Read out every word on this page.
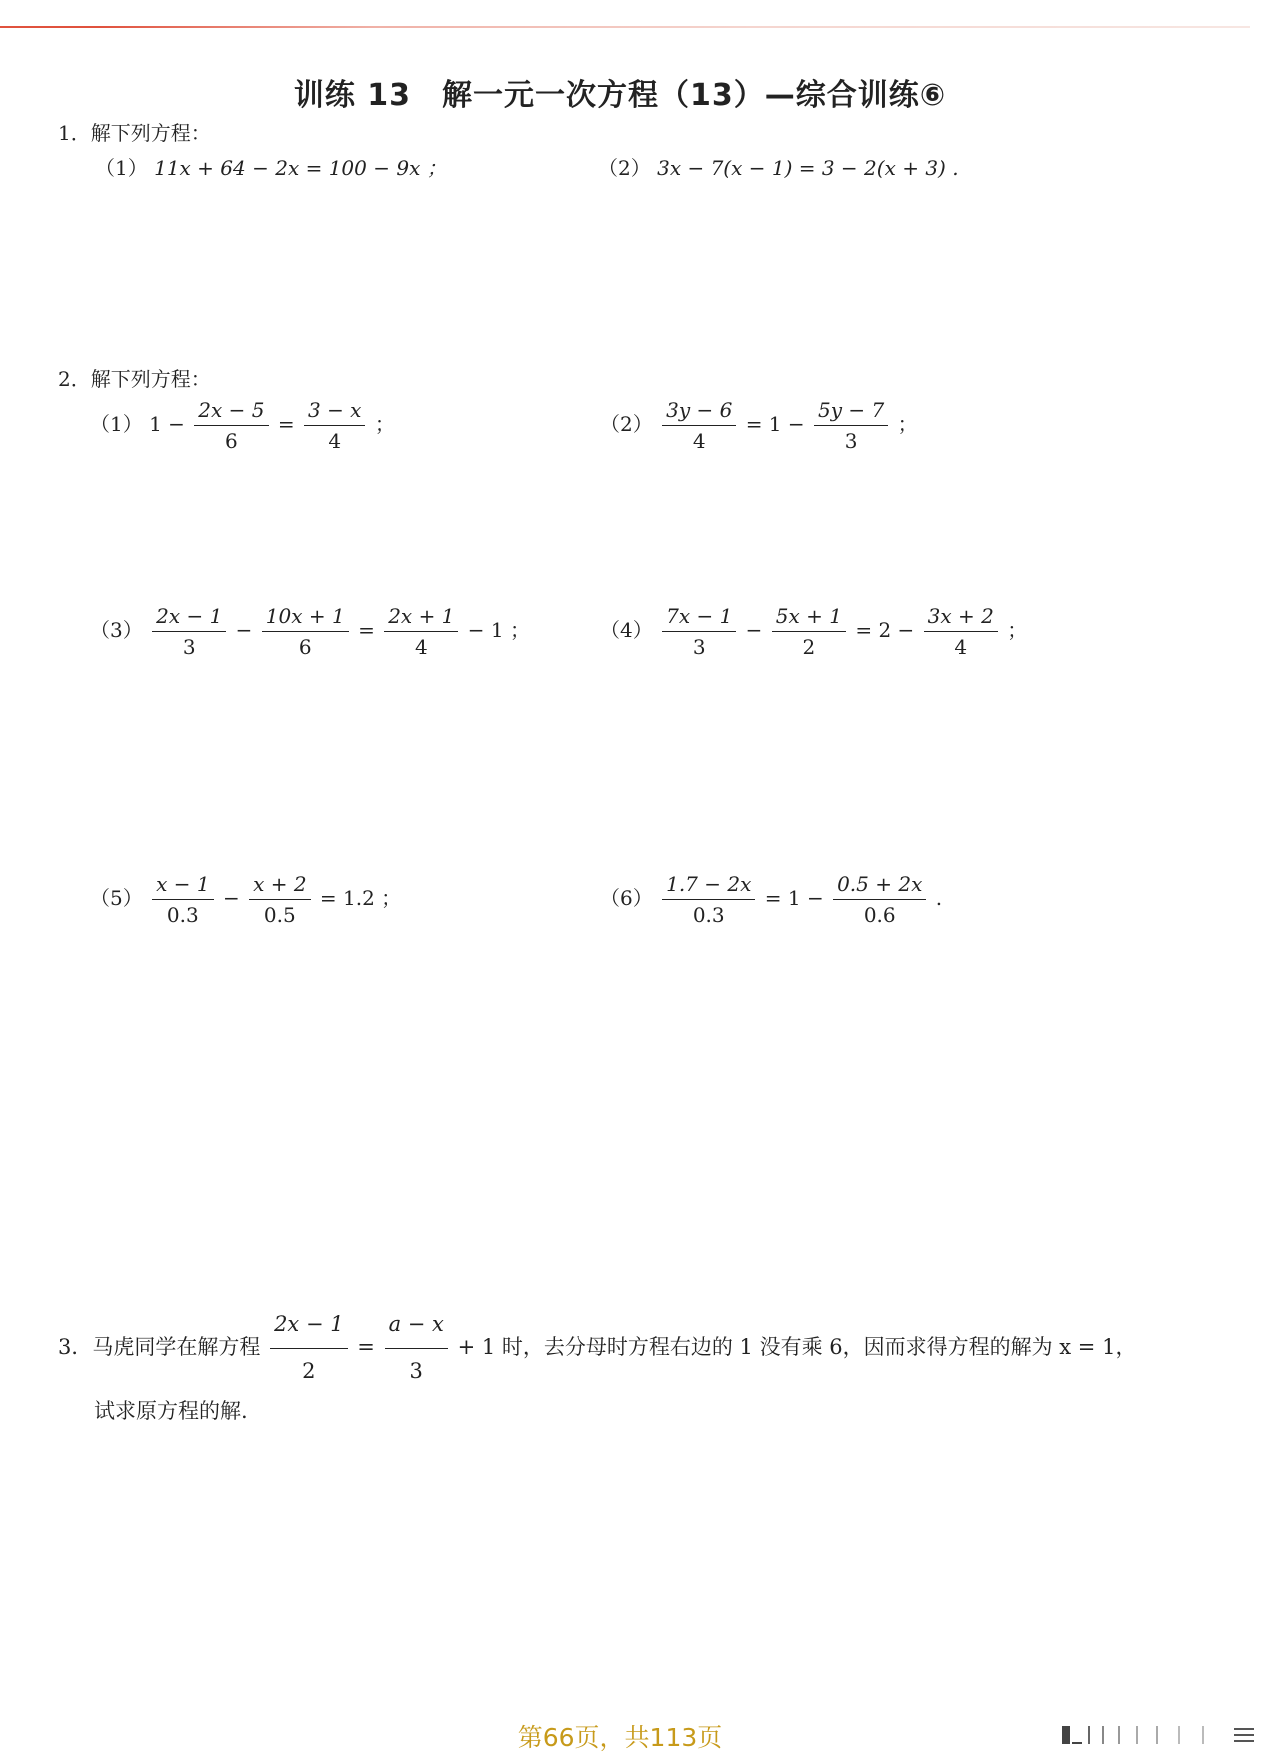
训练 13　解一元一次方程（13）—综合训练⑥
1．解下列方程：
（1） 11x + 64 − 2x = 100 − 9x ；	（2） 3x − 7(x − 1) = 3 − 2(x + 3) .
2．解下列方程：
（1） $1 - \frac{2x - 5}{6} = \frac{3 - x}{4}$ ；	$(2) \frac{3y - 6}{4} = 1 - \frac{5y - 7}{3}$ ；
$(3) \frac{2x - 1}{3} - \frac{10x + 1}{6} = \frac{2x + 1}{4} - 1$ ；	$(4) \frac{7x - 1}{3} - \frac{5x + 1}{2} = 2 - \frac{3x + 2}{4}$ ；
$(5) \frac{x - 1}{0.3} - \frac{x + 2}{0.5} = 1.2$ ；	$(6) \frac{1.7 - 2x}{0.3} = 1 - \frac{0.5 + 2x}{0.6}$ .
3．马虎同学在解方程 $\frac{2x - 1}{2} = \frac{a - x}{3} + 1$ 时，去分母时方程右边的 1 没有乘 6，因而求得方程的解为 x = 1，
试求原方程的解.
第66页，共113页
